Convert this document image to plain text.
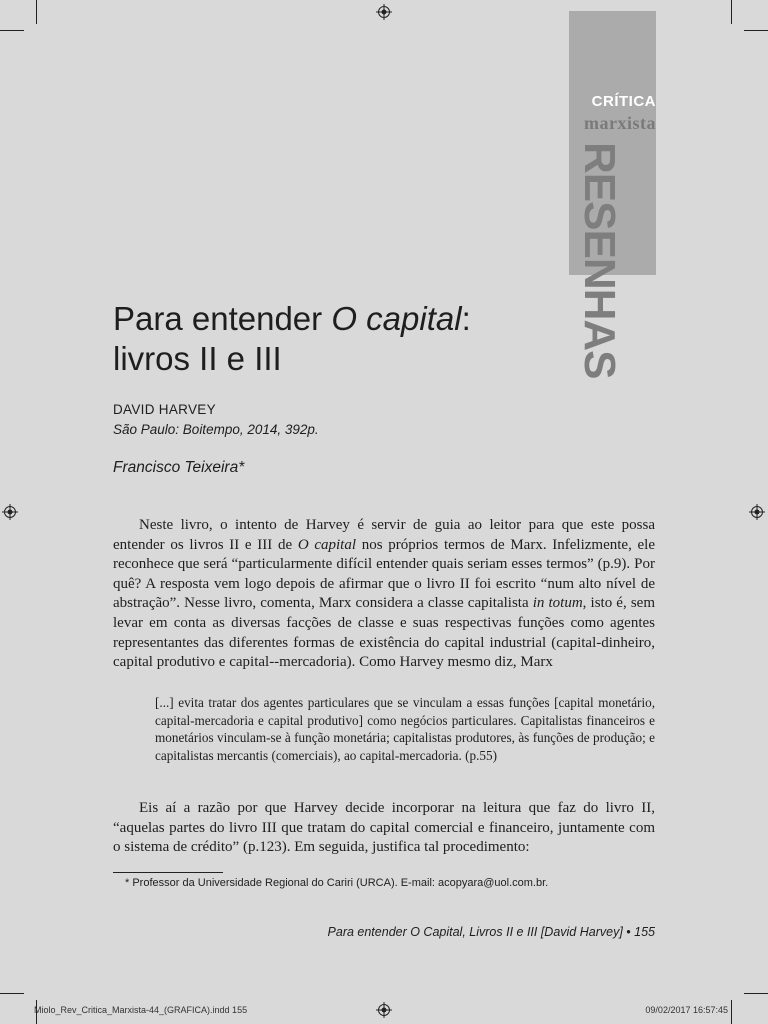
CRÍTICA
marxista
RESENHAS
Para entender O capital: livros II e III
DAVID HARVEY
São Paulo: Boitempo, 2014, 392p.
Francisco Teixeira*

Neste livro, o intento de Harvey é servir de guia ao leitor para que este possa entender os livros II e III de O capital nos próprios termos de Marx. Infelizmente, ele reconhece que será “particularmente difícil entender quais seriam esses termos” (p.9). Por quê? A resposta vem logo depois de afirmar que o livro II foi escrito “num alto nível de abstração”. Nesse livro, comenta, Marx considera a classe capitalista in totum, isto é, sem levar em conta as diversas facções de classe e suas respectivas funções como agentes representantes das diferentes formas de existência do capital industrial (capital-dinheiro, capital produtivo e capital--mercadoria). Como Harvey mesmo diz, Marx

[...] evita tratar dos agentes particulares que se vinculam a essas funções [capital monetário, capital-mercadoria e capital produtivo] como negócios particulares. Capitalistas financeiros e monetários vinculam-se à função monetária; capitalistas produtores, às funções de produção; e capitalistas mercantis (comerciais), ao capital-mercadoria. (p.55)

Eis aí a razão por que Harvey decide incorporar na leitura que faz do livro II, “aquelas partes do livro III que tratam do capital comercial e financeiro, juntamente com o sistema de crédito” (p.123). Em seguida, justifica tal procedimento:

* Professor da Universidade Regional do Cariri (URCA). E-mail: acopyara@uol.com.br.
Para entender O Capital, Livros II e III [David Harvey] • 155
Miolo_Rev_Critica_Marxista-44_(GRAFICA).indd 155	09/02/2017 16:57:45
